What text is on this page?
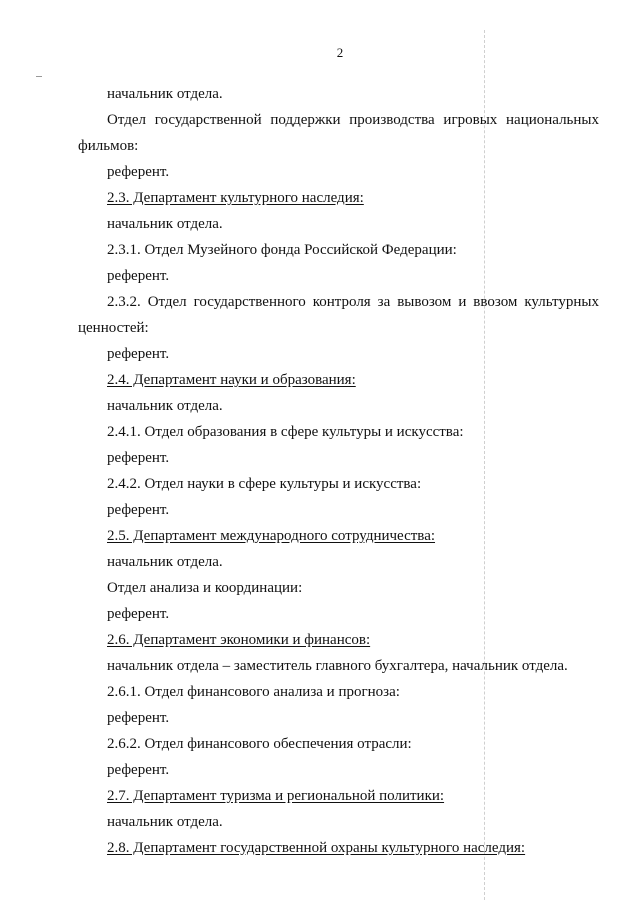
2
начальник отдела.
Отдел государственной поддержки производства игровых национальных
фильмов:
референт.
2.3. Департамент культурного наследия:
начальник отдела.
2.3.1. Отдел Музейного фонда Российской Федерации:
референт.
2.3.2. Отдел государственного контроля за вывозом и ввозом культурных
ценностей:
референт.
2.4. Департамент науки и образования:
начальник отдела.
2.4.1. Отдел образования в сфере культуры и искусства:
референт.
2.4.2. Отдел науки в сфере культуры и искусства:
референт.
2.5. Департамент международного сотрудничества:
начальник отдела.
Отдел анализа и координации:
референт.
2.6. Департамент экономики и финансов:
начальник отдела – заместитель главного бухгалтера, начальник отдела.
2.6.1. Отдел финансового анализа и прогноза:
референт.
2.6.2. Отдел финансового обеспечения отрасли:
референт.
2.7. Департамент туризма и региональной политики:
начальник отдела.
2.8. Департамент государственной охраны культурного наследия:
